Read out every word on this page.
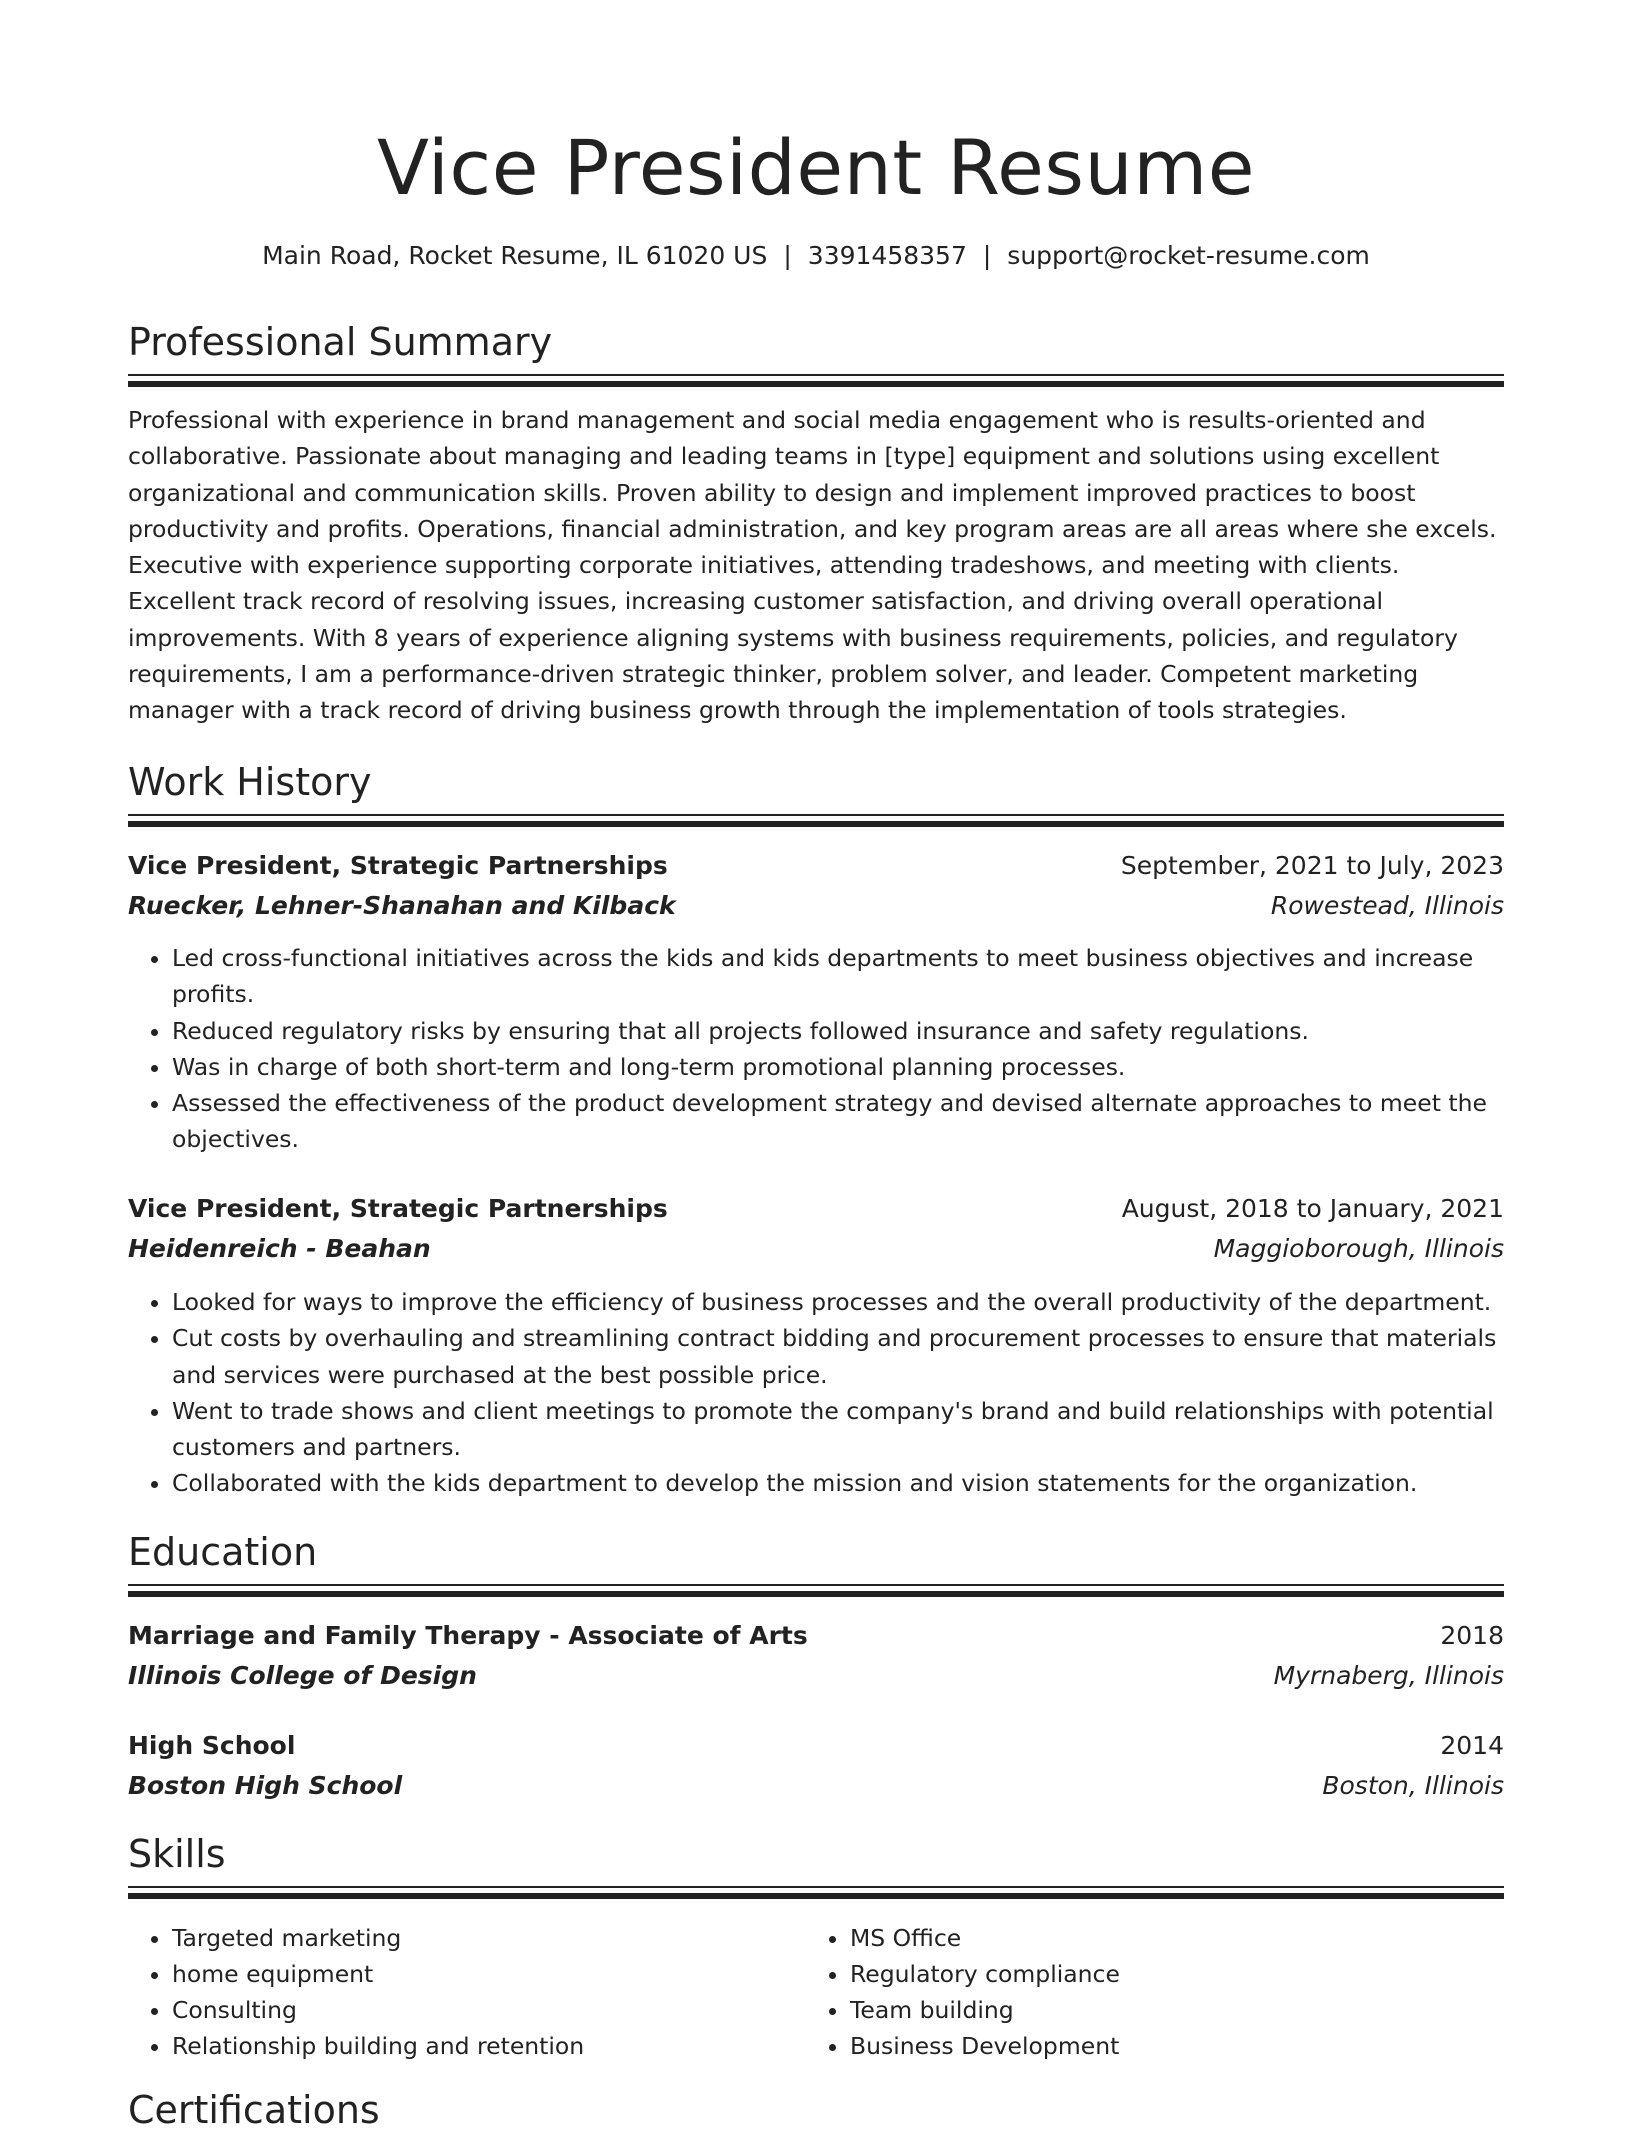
Vice President Resume
Main Road, Rocket Resume, IL 61020 US | 3391458357 | support@rocket-resume.com
Professional Summary

Professional with experience in brand management and social media engagement who is results-oriented and collaborative. Passionate about managing and leading teams in [type] equipment and solutions using excellent organizational and communication skills. Proven ability to design and implement improved practices to boost productivity and profits. Operations, financial administration, and key program areas are all areas where she excels. Executive with experience supporting corporate initiatives, attending tradeshows, and meeting with clients. Excellent track record of resolving issues, increasing customer satisfaction, and driving overall operational improvements. With 8 years of experience aligning systems with business requirements, policies, and regulatory requirements, I am a performance-driven strategic thinker, problem solver, and leader. Competent marketing manager with a track record of driving business growth through the implementation of tools strategies.

Work History
Vice President, Strategic Partnerships	September, 2021 to July, 2023
Ruecker, Lehner-Shanahan and Kilback	Rowestead, Illinois
• Led cross-functional initiatives across the kids and kids departments to meet business objectives and increase profits.
• Reduced regulatory risks by ensuring that all projects followed insurance and safety regulations.
• Was in charge of both short-term and long-term promotional planning processes.
• Assessed the effectiveness of the product development strategy and devised alternate approaches to meet the objectives.
Vice President, Strategic Partnerships	August, 2018 to January, 2021
Heidenreich - Beahan	Maggioborough, Illinois
• Looked for ways to improve the efficiency of business processes and the overall productivity of the department.
• Cut costs by overhauling and streamlining contract bidding and procurement processes to ensure that materials and services were purchased at the best possible price.
• Went to trade shows and client meetings to promote the company's brand and build relationships with potential customers and partners.
• Collaborated with the kids department to develop the mission and vision statements for the organization.
Education
Marriage and Family Therapy - Associate of Arts	2018
Illinois College of Design	Myrnaberg, Illinois
High School	2014
Boston High School	Boston, Illinois
Skills
• Targeted marketing
• home equipment
• Consulting
• Relationship building and retention
• MS Office
• Regulatory compliance
• Team building
• Business Development
Certifications
